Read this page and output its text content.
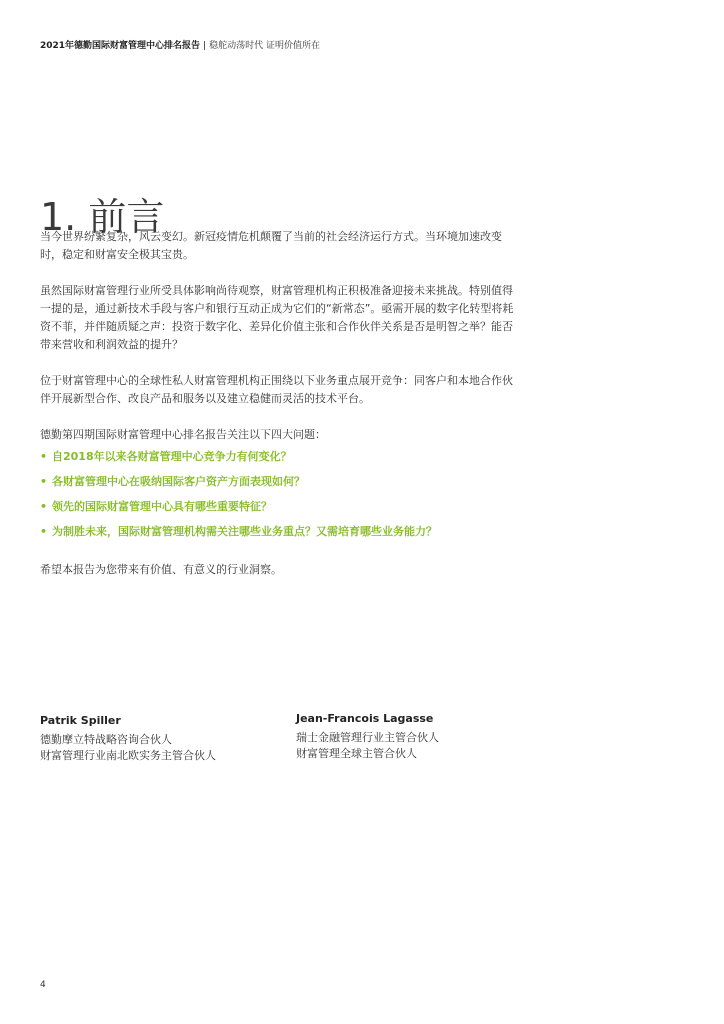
2021年德勤国际财富管理中心排名报告 | 稳舵动荡时代 证明价值所在
1. 前言

当今世界纷繁复杂，风云变幻。新冠疫情危机颠覆了当前的社会经济运行方式。当环境加速改变时，稳定和财富安全极其宝贵。

虽然国际财富管理行业所受具体影响尚待观察，财富管理机构正积极准备迎接未来挑战。特别值得一提的是，通过新技术手段与客户和银行互动正成为它们的“新常态”。亟需开展的数字化转型将耗资不菲，并伴随质疑之声：投资于数字化、差异化价值主张和合作伙伴关系是否是明智之举？能否带来营收和利润效益的提升？

位于财富管理中心的全球性私人财富管理机构正围绕以下业务重点展开竞争：同客户和本地合作伙伴开展新型合作、改良产品和服务以及建立稳健而灵活的技术平台。

德勤第四期国际财富管理中心排名报告关注以下四大问题：

• 自2018年以来各财富管理中心竞争力有何变化？
• 各财富管理中心在吸纳国际客户资产方面表现如何？
• 领先的国际财富管理中心具有哪些重要特征？
• 为制胜未来，国际财富管理机构需关注哪些业务重点？又需培育哪些业务能力？

希望本报告为您带来有价值、有意义的行业洞察。

Patrik Spiller
德勤摩立特战略咨询合伙人
财富管理行业南北欧实务主管合伙人
Jean-Francois Lagasse
瑞士金融管理行业主管合伙人
财富管理全球主管合伙人
4
